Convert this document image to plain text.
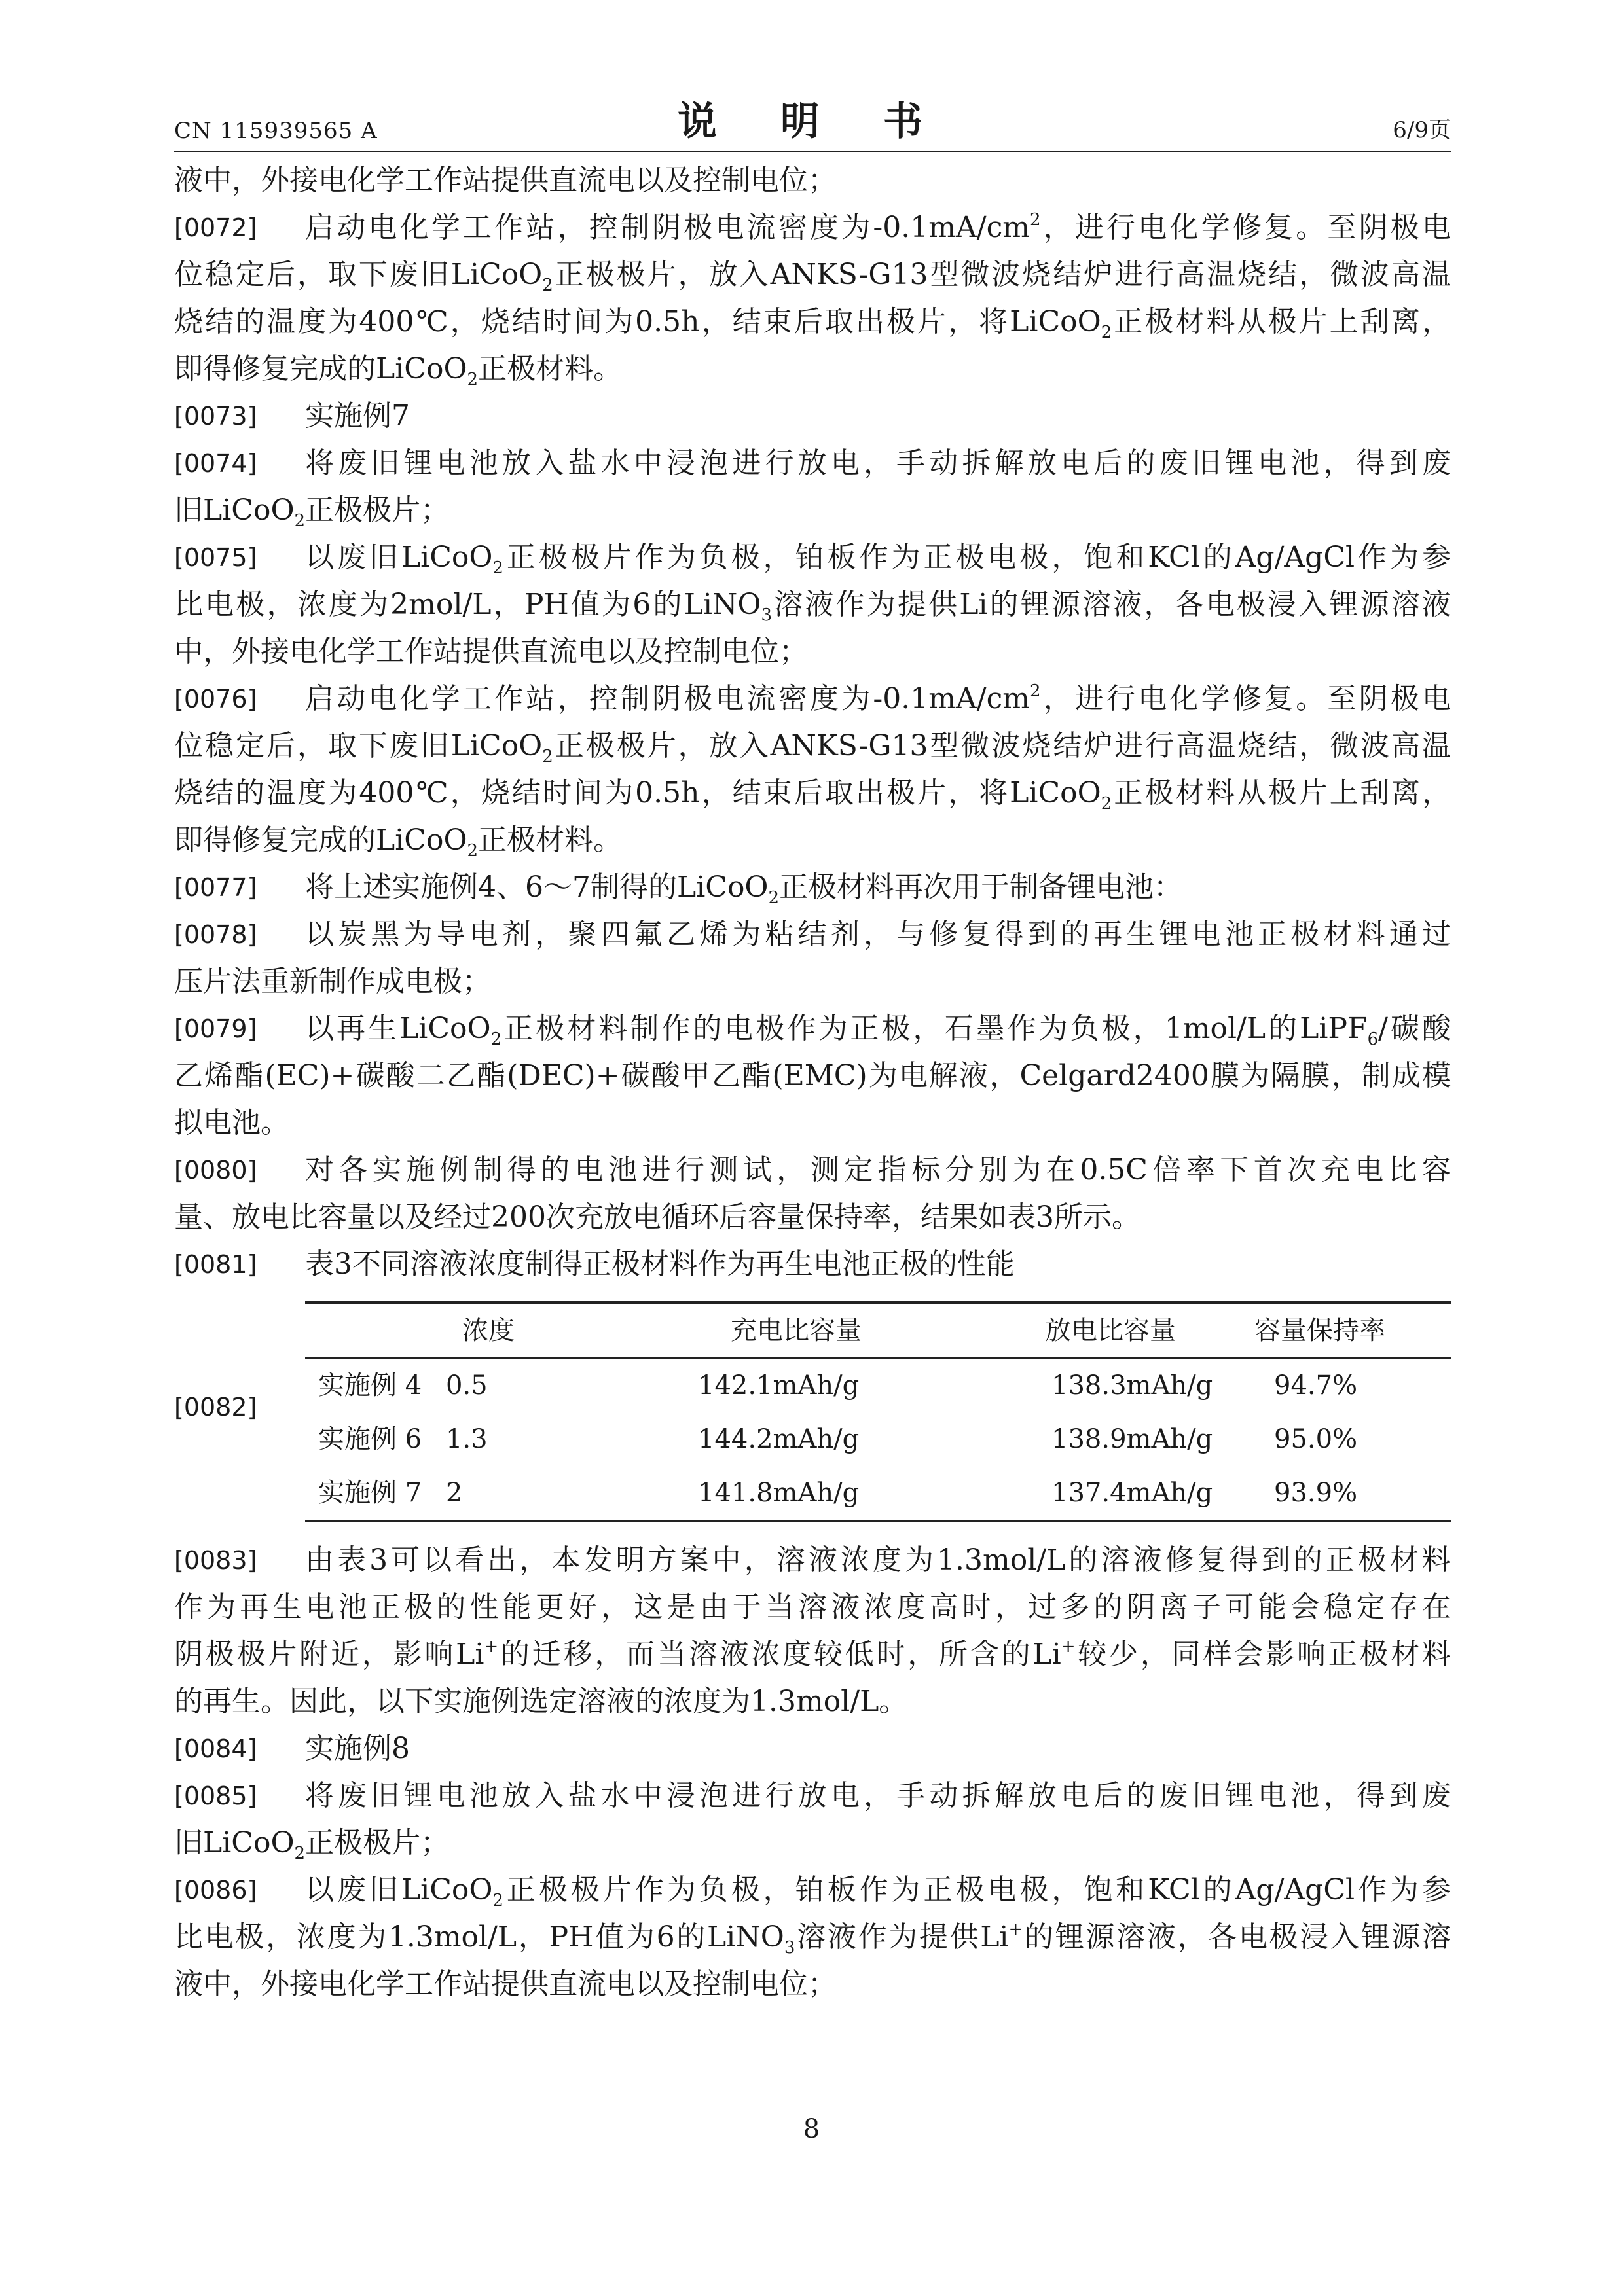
CN 115939565 A	说 明 书	6/9页
液中，外接电化学工作站提供直流电以及控制电位；
[0072] 启动电化学工作站，控制阴极电流密度为$-0.1mA/cm^2$，进行电化学修复。至阴极电
位稳定后，取下废旧LiCoO$_2$正极极片，放入ANKS-G13型微波烧结炉进行高温烧结，微波高温
烧结的温度为400℃，烧结时间为0.5h，结束后取出极片，将LiCoO$_2$正极材料从极片上刮离，
即得修复完成的LiCoO$_2$正极材料。
[0073] 实施例7
[0074] 将废旧锂电池放入盐水中浸泡进行放电，手动拆解放电后的废旧锂电池，得到废
旧LiCoO$_2$正极极片；
[0075] 以废旧LiCoO$_2$正极极片作为负极，铂板作为正极电极，饱和KCl的Ag/AgCl作为参
比电极，浓度为2mol/L，PH值为6的LiNO$_3$溶液作为提供Li的锂源溶液，各电极浸入锂源溶液
中，外接电化学工作站提供直流电以及控制电位；
[0076] 启动电化学工作站，控制阴极电流密度为$-0.1mA/cm^2$，进行电化学修复。至阴极电
位稳定后，取下废旧LiCoO$_2$正极极片，放入ANKS-G13型微波烧结炉进行高温烧结，微波高温
烧结的温度为400℃，烧结时间为0.5h，结束后取出极片，将LiCoO$_2$正极材料从极片上刮离，
即得修复完成的LiCoO$_2$正极材料。
[0077] 将上述实施例4、6～7制得的LiCoO$_2$正极材料再次用于制备锂电池：
[0078] 以炭黑为导电剂，聚四氟乙烯为粘结剂，与修复得到的再生锂电池正极材料通过
压片法重新制作成电极；
[0079] 以再生LiCoO$_2$正极材料制作的电极作为正极，石墨作为负极，1mol/L的LiPF$_6$/碳酸
乙烯酯(EC)+碳酸二乙酯(DEC)+碳酸甲乙酯(EMC)为电解液，Celgard2400膜为隔膜，制成模
拟电池。
[0080] 对各实施例制得的电池进行测试，测定指标分别为在0.5C倍率下首次充电比容
量、放电比容量以及经过200次充放电循环后容量保持率，结果如表3所示。
[0081] 表3不同溶液浓度制得正极材料作为再生电池正极的性能
[0082]
浓度	充电比容量	放电比容量	容量保持率
实施例 4 0.5	142.1mAh/g	138.3mAh/g 94.7%
实施例 6 1.3	144.2mAh/g	138.9mAh/g 95.0%
实施例 7 2	141.8mAh/g	137.4mAh/g 93.9%
[0083] 由表3可以看出，本发明方案中，溶液浓度为1.3mol/L的溶液修复得到的正极材料
作为再生电池正极的性能更好，这是由于当溶液浓度高时，过多的阴离子可能会稳定存在
阴极极片附近，影响Li+的迁移，而当溶液浓度较低时，所含的Li+较少，同样会影响正极材料
的再生。因此，以下实施例选定溶液的浓度为1.3mol/L。
[0084] 实施例8
[0085] 将废旧锂电池放入盐水中浸泡进行放电，手动拆解放电后的废旧锂电池，得到废
旧LiCoO$_2$正极极片；
[0086] 以废旧LiCoO$_2$正极极片作为负极，铂板作为正极电极，饱和KCl的Ag/AgCl作为参
比电极，浓度为1.3mol/L，PH值为6的LiNO$_3$溶液作为提供Li+的锂源溶液，各电极浸入锂源溶
液中，外接电化学工作站提供直流电以及控制电位；
8
